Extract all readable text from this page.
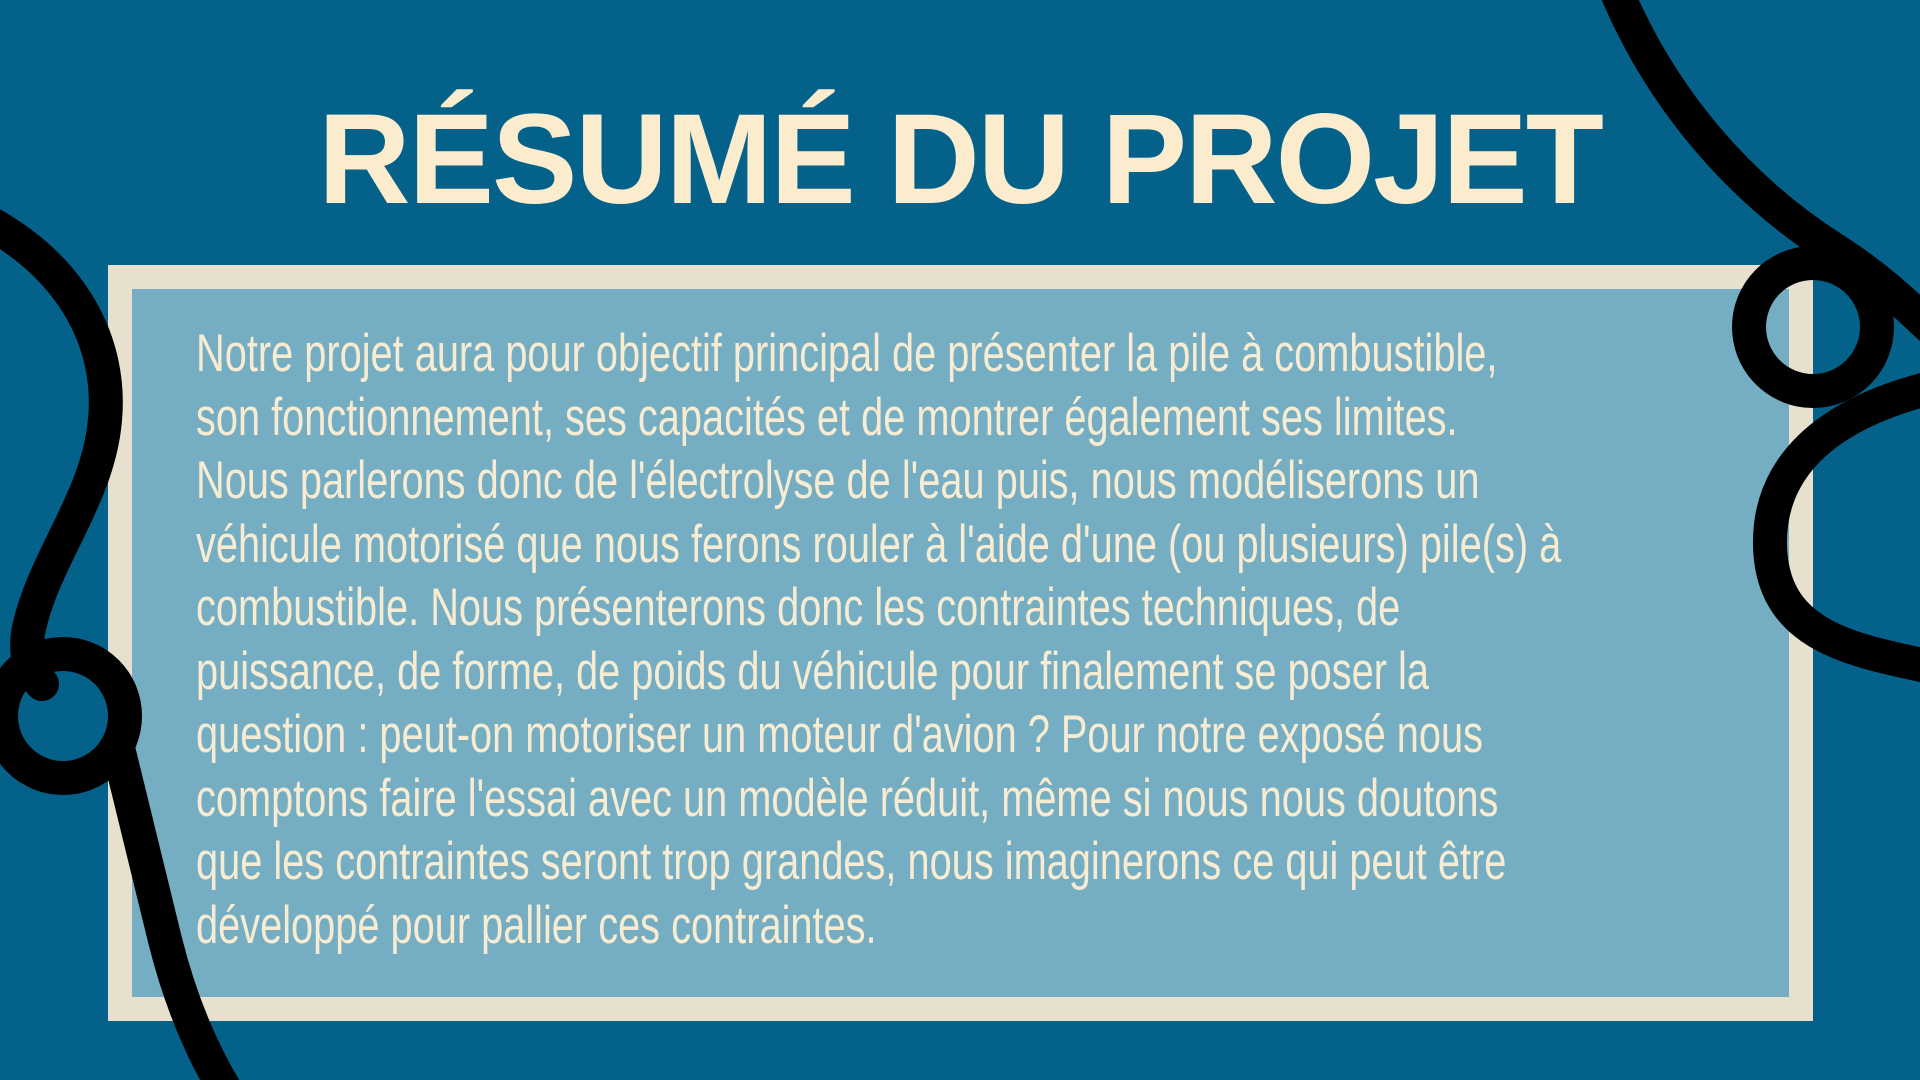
RÉSUMÉ DU PROJET
Notre projet aura pour objectif principal de présenter la pile à combustible,
son fonctionnement, ses capacités et de montrer également ses limites.
Nous parlerons donc de l'électrolyse de l'eau puis, nous modéliserons un
véhicule motorisé que nous ferons rouler à l'aide d'une (ou plusieurs) pile(s) à
combustible. Nous présenterons donc les contraintes techniques, de
puissance, de forme, de poids du véhicule pour finalement se poser la
question : peut-on motoriser un moteur d'avion ? Pour notre exposé nous
comptons faire l'essai avec un modèle réduit, même si nous nous doutons
que les contraintes seront trop grandes, nous imaginerons ce qui peut être
développé pour pallier ces contraintes.
